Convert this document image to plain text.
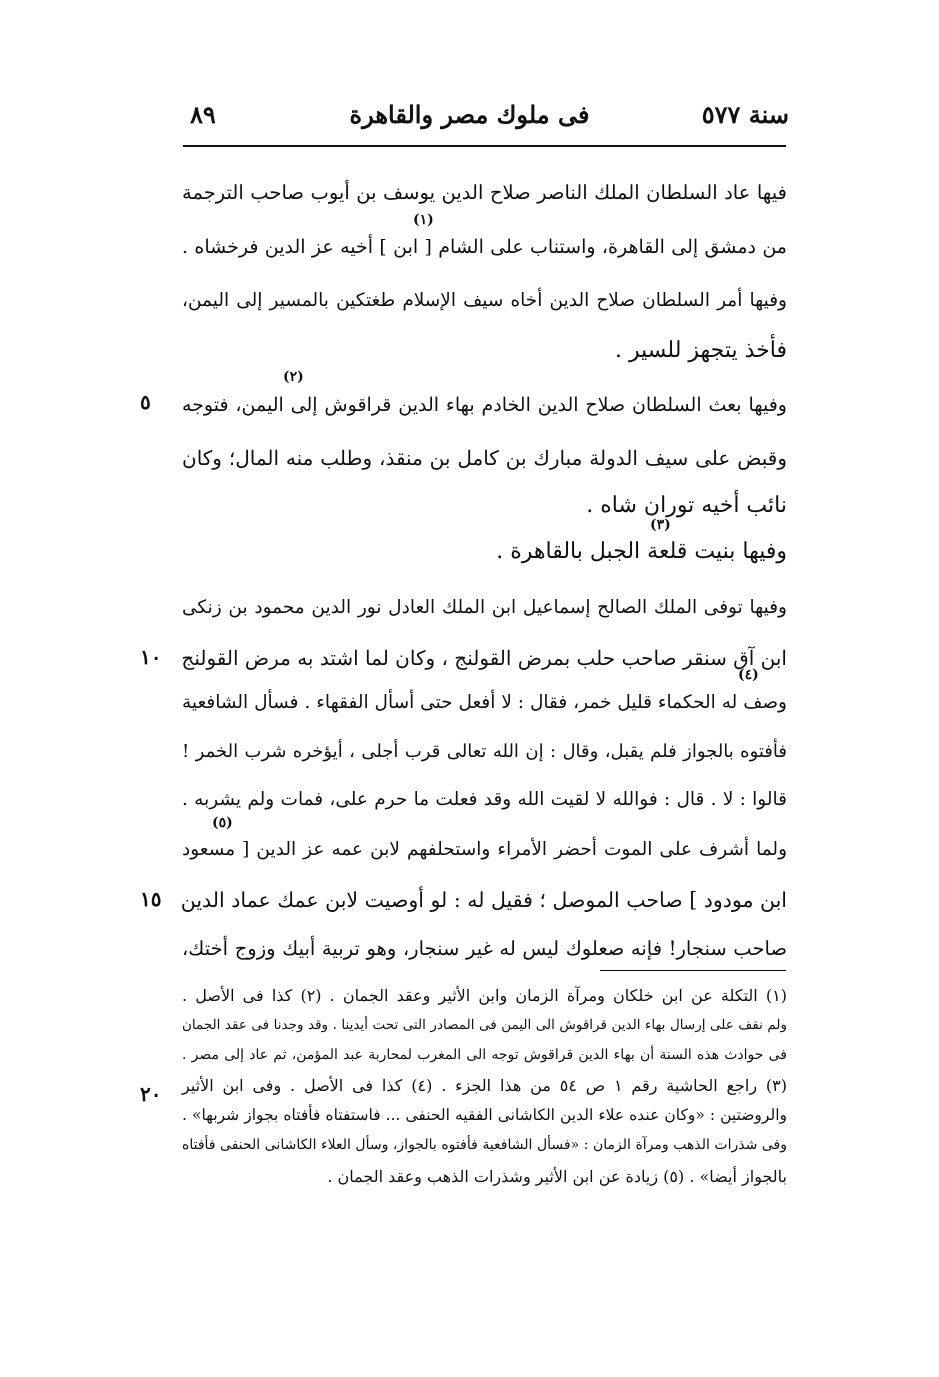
سنة ٥٧٧
فى ملوك مصر والقاهرة
٨٩
فيها عاد السلطان الملك الناصر صلاح الدين يوسف بن أيوب صاحب الترجمة
من دمشق إلى القاهرة، واستناب على الشام [ ابن ] أخيه عز الدين فرخشاه .
وفيها أمر السلطان صلاح الدين أخاه سيف الإسلام طغتكين بالمسير إلى اليمن،
فأخذ يتجهز للسير .
وفيها بعث السلطان صلاح الدين الخادم بهاء الدين قراقوش إلى اليمن، فتوجه
وقبض على سيف الدولة مبارك بن كامل بن منقذ، وطلب منه المال؛ وكان
نائب أخيه توران شاه .
وفيها بنيت قلعة الجبل بالقاهرة .
وفيها توفى الملك الصالح إسماعيل ابن الملك العادل نور الدين محمود بن زنكى
ابن آق سنقر صاحب حلب بمرض القولنج ، وكان لما اشتد به مرض القولنج
وصف له الحكماء قليل خمر، فقال : لا أفعل حتى أسأل الفقهاء . فسأل الشافعية
فأفتوه بالجواز فلم يقبل، وقال : إن الله تعالى قرب أجلى ، أيؤخره شرب الخمر !
قالوا : لا . قال : فوالله لا لقيت الله وقد فعلت ما حرم على، فمات ولم يشربه .
ولما أشرف على الموت أحضر الأمراء واستحلفهم لابن عمه عز الدين [ مسعود
ابن مودود ] صاحب الموصل ؛ فقيل له : لو أوصيت لابن عمك عماد الدين
صاحب سنجار! فإنه صعلوك ليس له غير سنجار، وهو تربية أبيك وزوج أختك،
(١)
(٢)
(٣)
(٤)
(٥)
٥
١٠
١٥
٢٠
(١) التكلة عن ابن خلكان ومرآة الزمان وابن الأثير وعقد الجمان . (٢) كذا فى الأصل .
ولم نقف على إرسال بهاء الدين قراقوش الى اليمن فى المصادر التى تحت أيدينا . وقد وجدنا فى عقد الجمان
فى حوادث هذه السنة أن بهاء الدين قراقوش توجه الى المغرب لمحاربة عبد المؤمن، ثم عاد إلى مصر .
(٣) راجع الحاشية رقم ١ ص ٥٤ من هذا الجزء . (٤) كذا فى الأصل . وفى ابن الأثير
والروضتين : «وكان عنده علاء الدين الكاشانى الفقيه الحنفى ... فاستفتاه فأفتاه بجواز شربها» .
وفى شذرات الذهب ومرآة الزمان : «فسأل الشافعية فأفتوه بالجواز، وسأل العلاء الكاشانى الحنفى فأفتاه
بالجواز أيضا» . (٥) زيادة عن ابن الأثير وشذرات الذهب وعقد الجمان .
